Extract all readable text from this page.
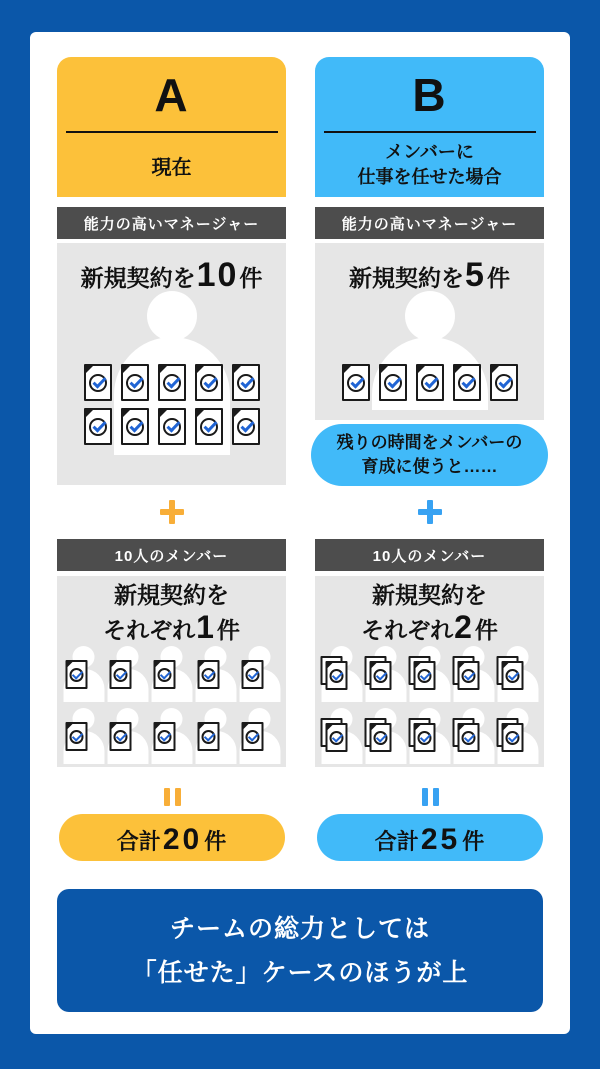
A
現在
能力の高いマネージャー
新規契約を 10 件
10人のメンバー
新規契約を
それぞれ1件
合計 20 件
B
メンバーに
仕事を任せた場合
能力の高いマネージャー
新規契約を 5 件
残りの時間をメンバーの
育成に使うと……
10人のメンバー
新規契約を
それぞれ2件
合計 25 件
チームの総力としては
「任せた」ケースのほうが上
